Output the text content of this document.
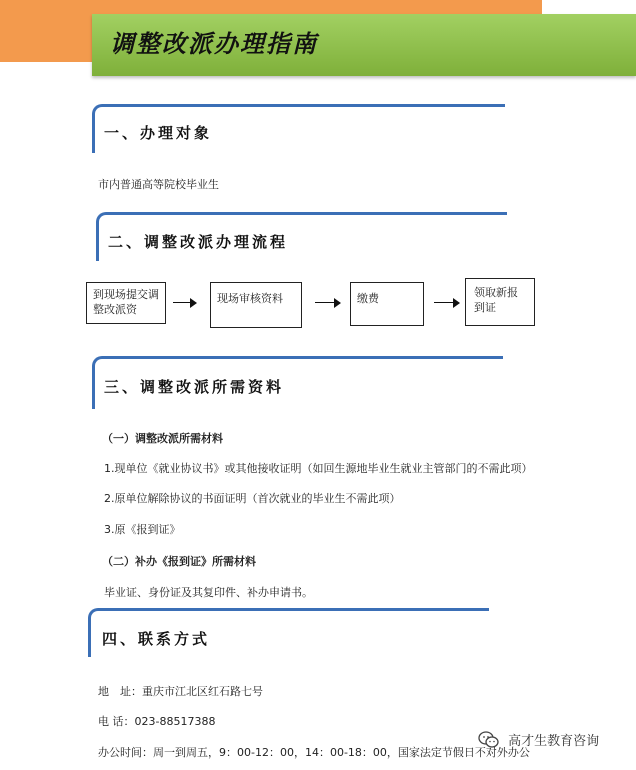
调整改派办理指南
一、办理对象
市内普通高等院校毕业生
二、调整改派办理流程
到现场提交调整改派资
现场审核资料	缴费	领取新报到证
三、调整改派所需资料
（一）调整改派所需材料
1.现单位《就业协议书》或其他接收证明（如回生源地毕业生就业主管部门的不需此项）
2.原单位解除协议的书面证明（首次就业的毕业生不需此项）
3.原《报到证》
（二）补办《报到证》所需材料
毕业证、身份证及其复印件、补办申请书。
四、联系方式
地　址：重庆市江北区红石路七号
电 话：023-88517388
办公时间：周一到周五，9：00-12：00，14：00-18：00，国家法定节假日不对外办公
高才生教育咨询
